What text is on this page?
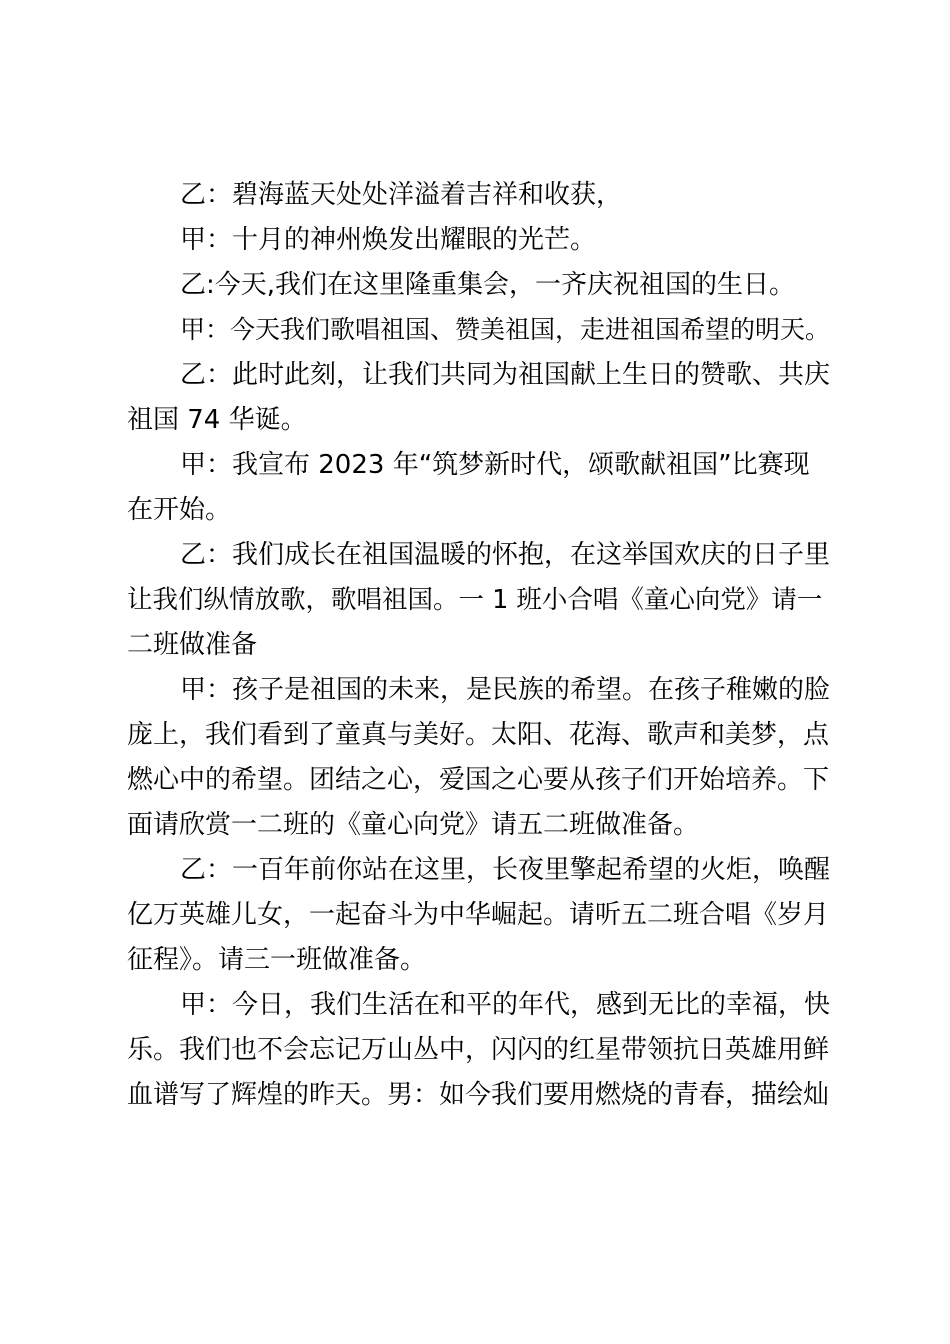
乙：碧海蓝天处处洋溢着吉祥和收获，
甲：十月的神州焕发出耀眼的光芒。
乙:今天,我们在这里隆重集会，一齐庆祝祖国的生日。
甲：今天我们歌唱祖国、赞美祖国，走进祖国希望的明天。
乙：此时此刻，让我们共同为祖国献上生日的赞歌、共庆
祖国 74 华诞。
甲：我宣布 2023 年“筑梦新时代，颂歌献祖国”比赛现
在开始。
乙：我们成长在祖国温暖的怀抱，在这举国欢庆的日子里
让我们纵情放歌，歌唱祖国。一 1 班小合唱《童心向党》请一
二班做准备
甲：孩子是祖国的未来，是民族的希望。在孩子稚嫩的脸
庞上，我们看到了童真与美好。太阳、花海、歌声和美梦，点
燃心中的希望。团结之心，爱国之心要从孩子们开始培养。下
面请欣赏一二班的《童心向党》请五二班做准备。
乙：一百年前你站在这里，长夜里擎起希望的火炬，唤醒
亿万英雄儿女，一起奋斗为中华崛起。请听五二班合唱《岁月
征程》。请三一班做准备。
甲：今日，我们生活在和平的年代，感到无比的幸福，快
乐。我们也不会忘记万山丛中，闪闪的红星带领抗日英雄用鲜
血谱写了辉煌的昨天。男：如今我们要用燃烧的青春，描绘灿
